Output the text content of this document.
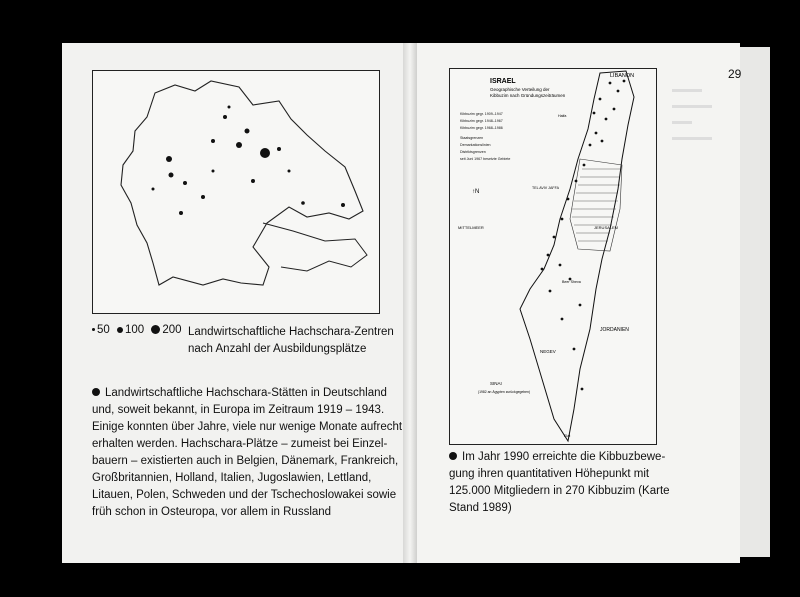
50 100 200 Landwirtschaftliche Hachschara-Zentren nach Anzahl der Ausbildungsplätze
Landwirtschaftliche Hachschara-Stätten in Deutschland
und, soweit bekannt, in Europa im Zeitraum 1919 – 1943.
Einige konnten über Jahre, viele nur wenige Monate aufrecht
erhalten werden. Hachschara-Plätze – zumeist bei Einzel-
bauern – existierten auch in Belgien, Dänemark, Frankreich,
Großbritannien, Holland, Italien, Jugoslawien, Lettland,
Litauen, Polen, Schweden und der Tschechoslowakei sowie
früh schon in Osteuropa, vor allem in Russland
29
▬▬▬
▬▬▬▬
▬▬
▬▬▬▬
ISRAEL
Geographische Verteilung der
Kibbuzim nach Gründungszeiträumen
Kibbuzim gegr. 1909–1947
Kibbuzim gegr. 1948–1967
Kibbuzim gegr. 1968–1986
Staatsgrenzen
Demarkationslinien
Distriktsgrenzen
seit Juni 1967 besetzte Gebiete
LIBANON
Haifa
TEL AVIV JAFFA
JERUSALEM
MITTELMEER
Beer Sheva
JORDANIEN
NEGEV
SINAI
(1982 an Ägypten zurückgegeben)
Elat
↑N
Im Jahr 1990 erreichte die Kibbuzbewe-
gung ihren quantitativen Höhepunkt mit
125.000 Mitgliedern in 270 Kibbuzim (Karte
Stand 1989)
